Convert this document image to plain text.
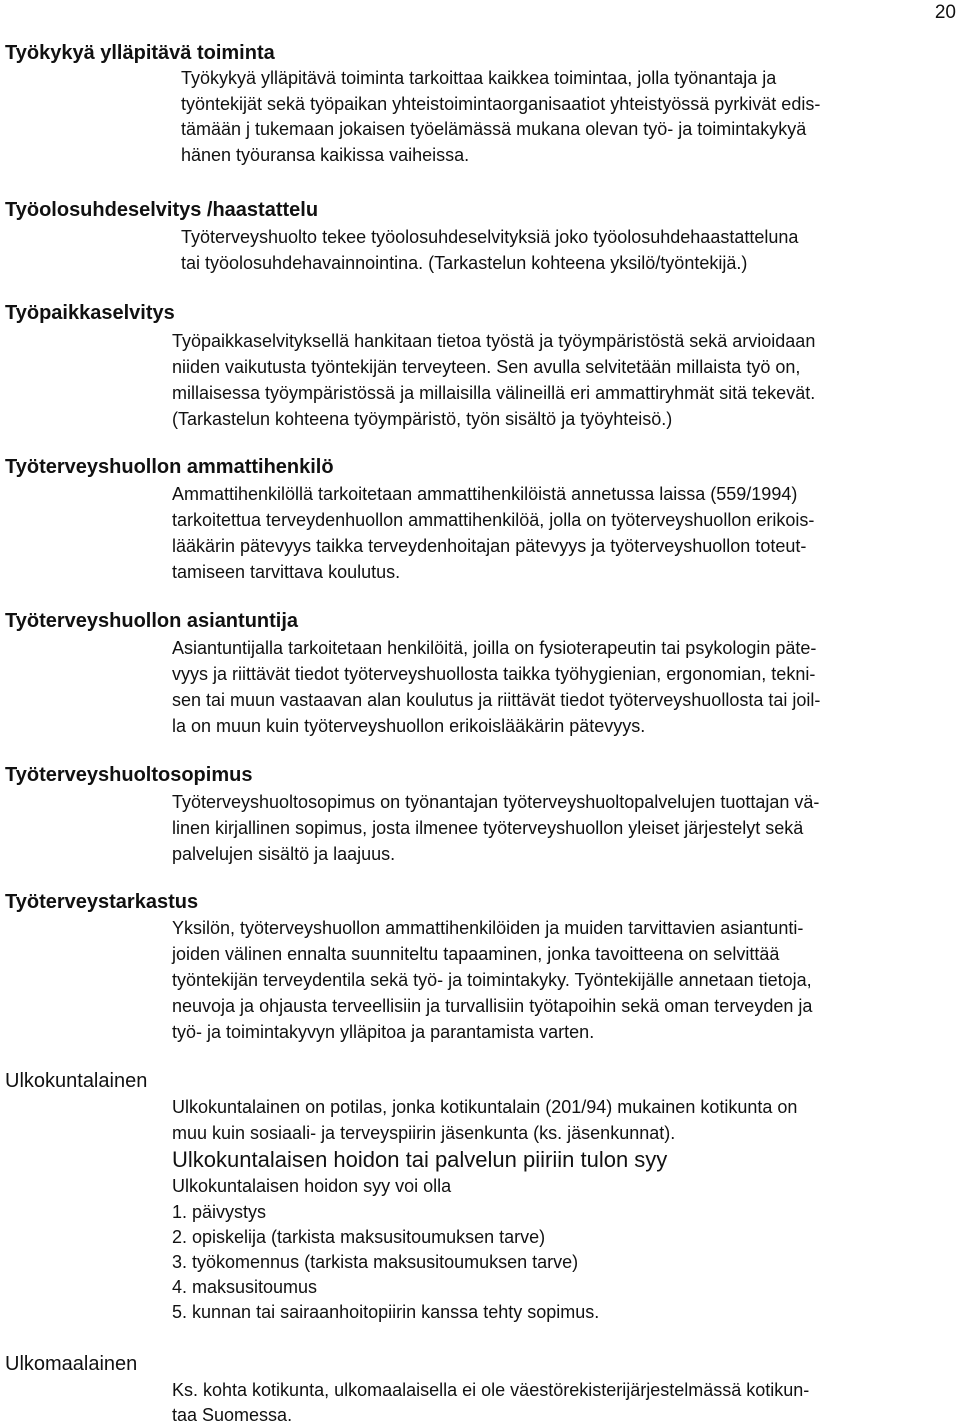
20
Työkykyä ylläpitävä toiminta
Työkykyä ylläpitävä toiminta tarkoittaa kaikkea toimintaa, jolla työnantaja ja
työntekijät sekä työpaikan yhteistoimintaorganisaatiot yhteistyössä pyrkivät edis-
tämään j tukemaan jokaisen työelämässä mukana olevan työ- ja toimintakykyä
hänen työuransa kaikissa vaiheissa.
Työolosuhdeselvitys /haastattelu
Työterveyshuolto tekee työolosuhdeselvityksiä joko työolosuhdehaastatteluna
tai työolosuhdehavainnointina. (Tarkastelun kohteena yksilö/työntekijä.)
Työpaikkaselvitys
Työpaikkaselvityksellä hankitaan tietoa työstä ja työympäristöstä sekä arvioidaan
niiden vaikutusta työntekijän terveyteen. Sen avulla selvitetään millaista työ on,
millaisessa työympäristössä ja millaisilla välineillä eri ammattiryhmät sitä tekevät.
(Tarkastelun kohteena työympäristö, työn sisältö ja työyhteisö.)
Työterveyshuollon ammattihenkilö
Ammattihenkilöllä tarkoitetaan ammattihenkilöistä annetussa laissa (559/1994)
tarkoitettua terveydenhuollon ammattihenkilöä, jolla on työterveyshuollon erikois-
lääkärin pätevyys taikka terveydenhoitajan pätevyys ja työterveyshuollon toteut-
tamiseen tarvittava koulutus.
Työterveyshuollon asiantuntija
Asiantuntijalla tarkoitetaan henkilöitä, joilla on fysioterapeutin tai psykologin päte-
vyys ja riittävät tiedot työterveyshuollosta taikka työhygienian, ergonomian, tekni-
sen tai muun vastaavan alan koulutus ja riittävät tiedot työterveyshuollosta tai joil-
la on muun kuin työterveyshuollon erikoislääkärin pätevyys.
Työterveyshuoltosopimus
Työterveyshuoltosopimus on työnantajan työterveyshuoltopalvelujen tuottajan vä-
linen kirjallinen sopimus, josta ilmenee työterveyshuollon yleiset järjestelyt sekä
palvelujen sisältö ja laajuus.
Työterveystarkastus
Yksilön, työterveyshuollon ammattihenkilöiden ja muiden tarvittavien asiantunti-
joiden välinen ennalta suunniteltu tapaaminen, jonka tavoitteena on selvittää
työntekijän terveydentila sekä työ- ja toimintakyky. Työntekijälle annetaan tietoja,
neuvoja ja ohjausta terveellisiin ja turvallisiin työtapoihin sekä oman terveyden ja
työ- ja toimintakyvyn ylläpitoa ja parantamista varten.
Ulkokuntalainen
Ulkokuntalainen on potilas, jonka kotikuntalain (201/94) mukainen kotikunta on
muu kuin sosiaali- ja terveyspiirin jäsenkunta (ks. jäsenkunnat).
Ulkokuntalaisen hoidon tai palvelun piiriin tulon syy
Ulkokuntalaisen hoidon syy voi olla
1. päivystys
2. opiskelija (tarkista maksusitoumuksen tarve)
3. työkomennus (tarkista maksusitoumuksen tarve)
4. maksusitoumus
5. kunnan tai sairaanhoitopiirin kanssa tehty sopimus.
Ulkomaalainen
Ks. kohta kotikunta, ulkomaalaisella ei ole väestörekisterijärjestelmässä kotikun-
taa Suomessa.
